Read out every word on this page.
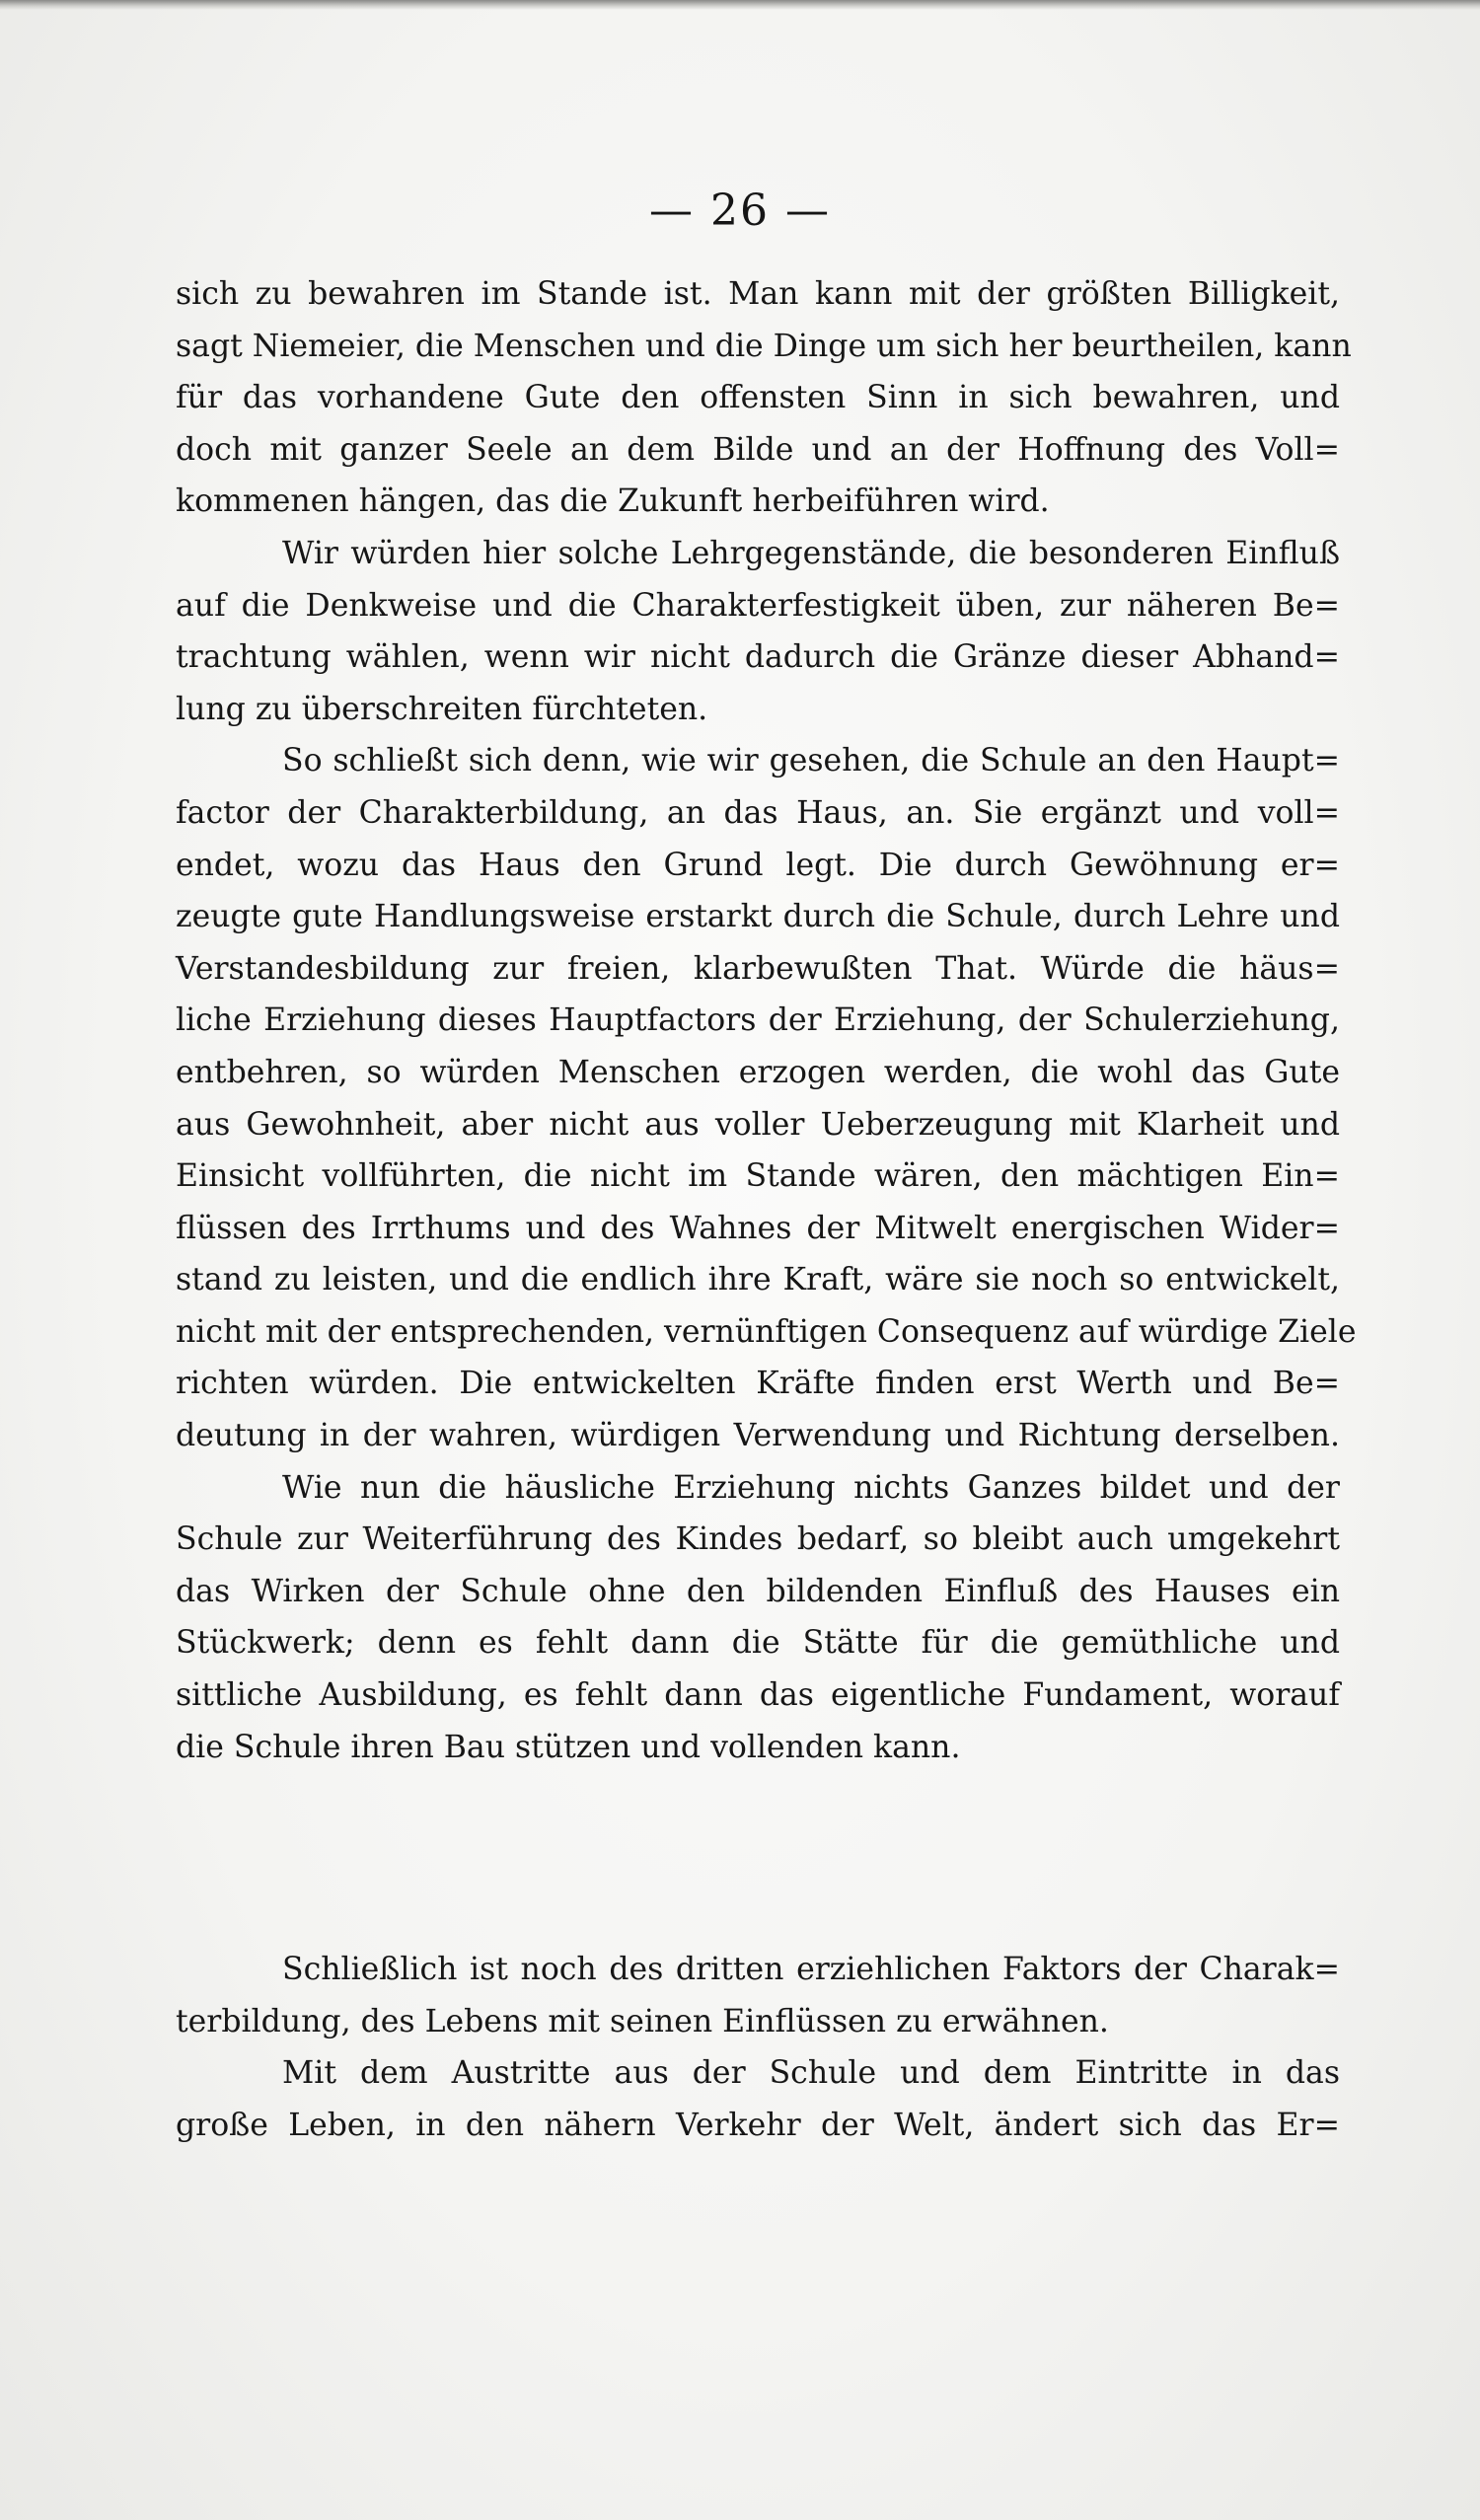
— 26 —
sich zu bewahren im Stande ist. Man kann mit der größten Billigkeit,
sagt Niemeier, die Menschen und die Dinge um sich her beurtheilen, kann
für das vorhandene Gute den offensten Sinn in sich bewahren, und
doch mit ganzer Seele an dem Bilde und an der Hoffnung des Voll=
kommenen hängen, das die Zukunft herbeiführen wird.
Wir würden hier solche Lehrgegenstände, die besonderen Einfluß
auf die Denkweise und die Charakterfestigkeit üben, zur näheren Be=
trachtung wählen, wenn wir nicht dadurch die Gränze dieser Abhand=
lung zu überschreiten fürchteten.
So schließt sich denn, wie wir gesehen, die Schule an den Haupt=
factor der Charakterbildung, an das Haus, an. Sie ergänzt und voll=
endet, wozu das Haus den Grund legt. Die durch Gewöhnung er=
zeugte gute Handlungsweise erstarkt durch die Schule, durch Lehre und
Verstandesbildung zur freien, klarbewußten That. Würde die häus=
liche Erziehung dieses Hauptfactors der Erziehung, der Schulerziehung,
entbehren, so würden Menschen erzogen werden, die wohl das Gute
aus Gewohnheit, aber nicht aus voller Ueberzeugung mit Klarheit und
Einsicht vollführten, die nicht im Stande wären, den mächtigen Ein=
flüssen des Irrthums und des Wahnes der Mitwelt energischen Wider=
stand zu leisten, und die endlich ihre Kraft, wäre sie noch so entwickelt,
nicht mit der entsprechenden, vernünftigen Consequenz auf würdige Ziele
richten würden. Die entwickelten Kräfte finden erst Werth und Be=
deutung in der wahren, würdigen Verwendung und Richtung derselben.
Wie nun die häusliche Erziehung nichts Ganzes bildet und der
Schule zur Weiterführung des Kindes bedarf, so bleibt auch umgekehrt
das Wirken der Schule ohne den bildenden Einfluß des Hauses ein
Stückwerk; denn es fehlt dann die Stätte für die gemüthliche und
sittliche Ausbildung, es fehlt dann das eigentliche Fundament, worauf
die Schule ihren Bau stützen und vollenden kann.
Schließlich ist noch des dritten erziehlichen Faktors der Charak=
terbildung, des Lebens mit seinen Einflüssen zu erwähnen.
Mit dem Austritte aus der Schule und dem Eintritte in das
große Leben, in den nähern Verkehr der Welt, ändert sich das Er=
